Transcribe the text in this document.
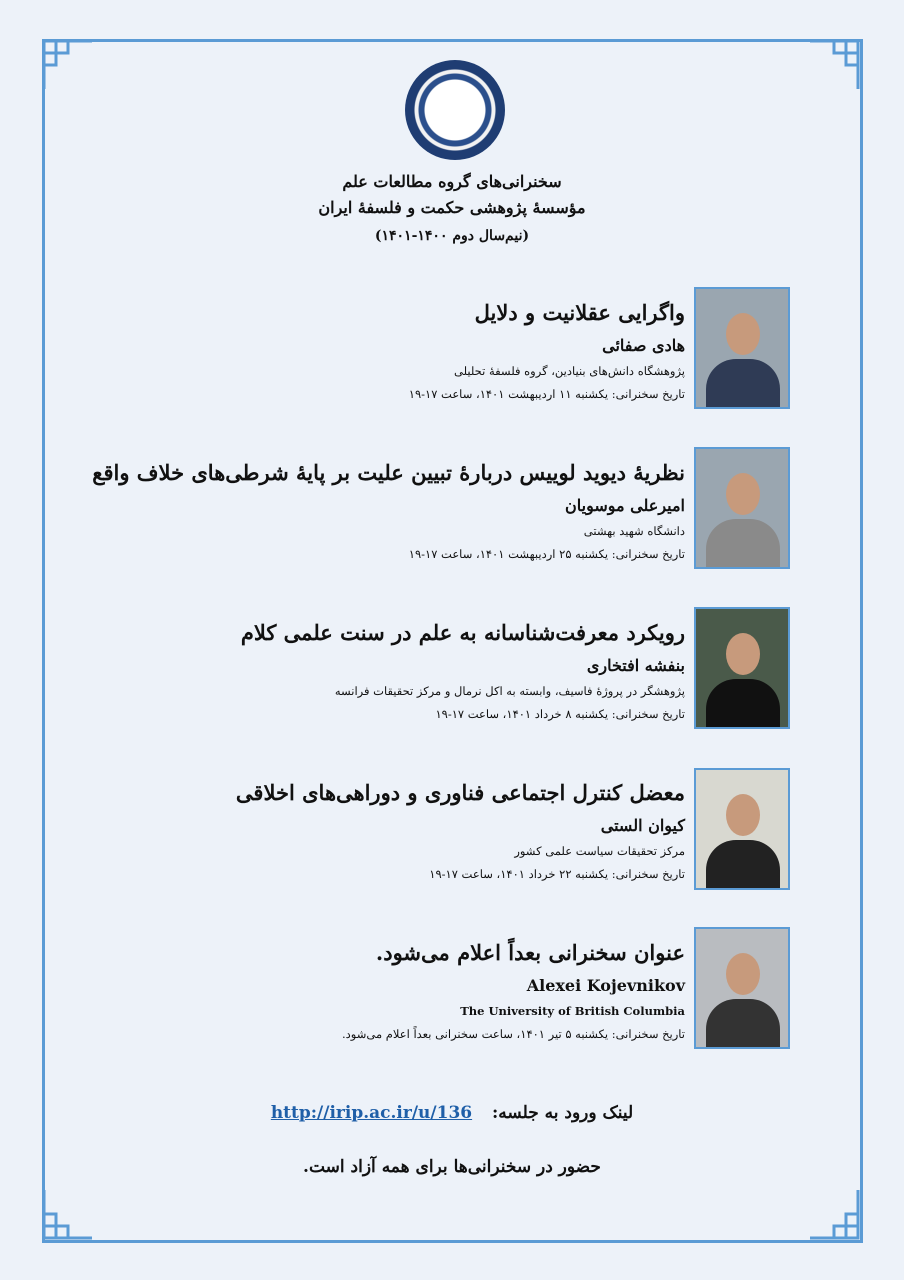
سخنرانی‌های گروه مطالعات علم
مؤسسۀ پژوهشی حکمت و فلسفۀ ایران
(نیم‌سال دوم ۱۴۰۰-۱۴۰۱)
واگرایی عقلانیت و دلایل
هادی صفائی
پژوهشگاه دانش‌های بنیادین، گروه فلسفۀ تحلیلی
تاریخ سخنرانی: یکشنبه ۱۱ اردیبهشت ۱۴۰۱، ساعت ۱۷-۱۹
نظریۀ دیوید لوییس دربارۀ تبیین علیت بر پایۀ شرطی‌های خلاف واقع
امیرعلی موسویان
دانشگاه شهید بهشتی
تاریخ سخنرانی: یکشنبه ۲۵ اردیبهشت ۱۴۰۱، ساعت ۱۷-۱۹
رویکرد معرفت‌شناسانه به علم در سنت علمی کلام
بنفشه افتخاری
پژوهشگر در پروژۀ فاسیف، وابسته به اکل نرمال و مرکز تحقیقات فرانسه
تاریخ سخنرانی: یکشنبه ۸ خرداد ۱۴۰۱، ساعت ۱۷-۱۹
معضل کنترل اجتماعی فناوری و دوراهی‌های اخلاقی
کیوان الستی
مرکز تحقیقات سیاست علمی کشور
تاریخ سخنرانی: یکشنبه ۲۲ خرداد ۱۴۰۱، ساعت ۱۷-۱۹
عنوان سخنرانی بعداً اعلام می‌شود.
Alexei Kojevnikov
The University of British Columbia
تاریخ سخنرانی: یکشنبه ۵ تیر ۱۴۰۱، ساعت سخنرانی بعداً اعلام می‌شود.
لینک ورود به جلسه: http://irip.ac.ir/u/136
حضور در سخنرانی‌ها برای همه آزاد است.
